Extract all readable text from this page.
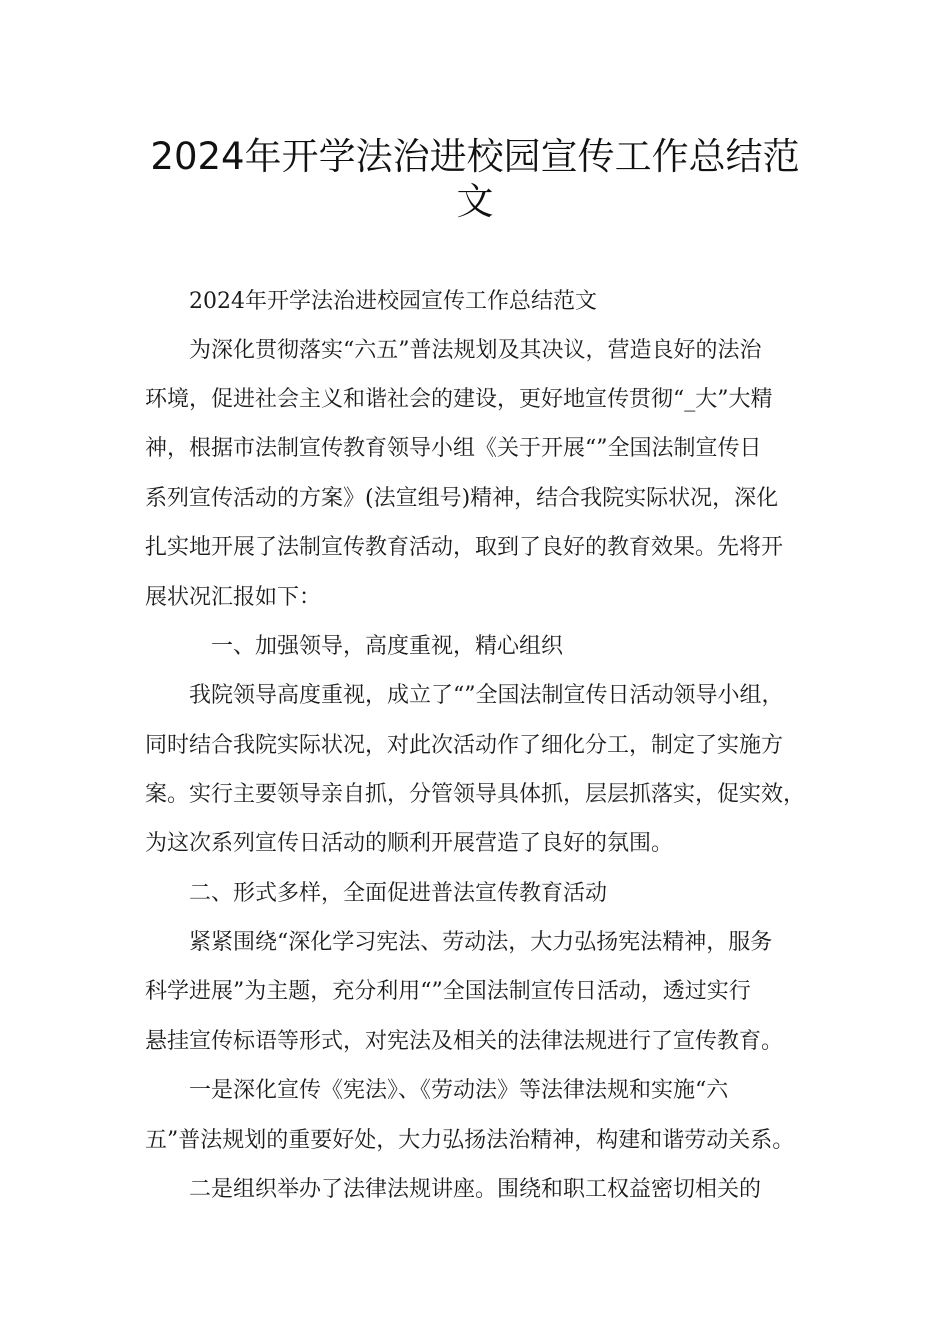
2024年开学法治进校园宣传工作总结范
文
2024年开学法治进校园宣传工作总结范文
为深化贯彻落实“六五”普法规划及其决议，营造良好的法治
环境，促进社会主义和谐社会的建设，更好地宣传贯彻“_大”大精
神，根据市法制宣传教育领导小组《关于开展“”全国法制宣传日
系列宣传活动的方案》(法宣组号)精神，结合我院实际状况，深化
扎实地开展了法制宣传教育活动，取到了良好的教育效果。先将开
展状况汇报如下：
一、加强领导，高度重视，精心组织
我院领导高度重视，成立了“”全国法制宣传日活动领导小组，
同时结合我院实际状况，对此次活动作了细化分工，制定了实施方
案。实行主要领导亲自抓，分管领导具体抓，层层抓落实，促实效，
为这次系列宣传日活动的顺利开展营造了良好的氛围。
二、形式多样，全面促进普法宣传教育活动
紧紧围绕“深化学习宪法、劳动法，大力弘扬宪法精神，服务
科学进展”为主题，充分利用“”全国法制宣传日活动，透过实行
悬挂宣传标语等形式，对宪法及相关的法律法规进行了宣传教育。
一是深化宣传《宪法》、《劳动法》等法律法规和实施“六
五”普法规划的重要好处，大力弘扬法治精神，构建和谐劳动关系。
二是组织举办了法律法规讲座。围绕和职工权益密切相关的
